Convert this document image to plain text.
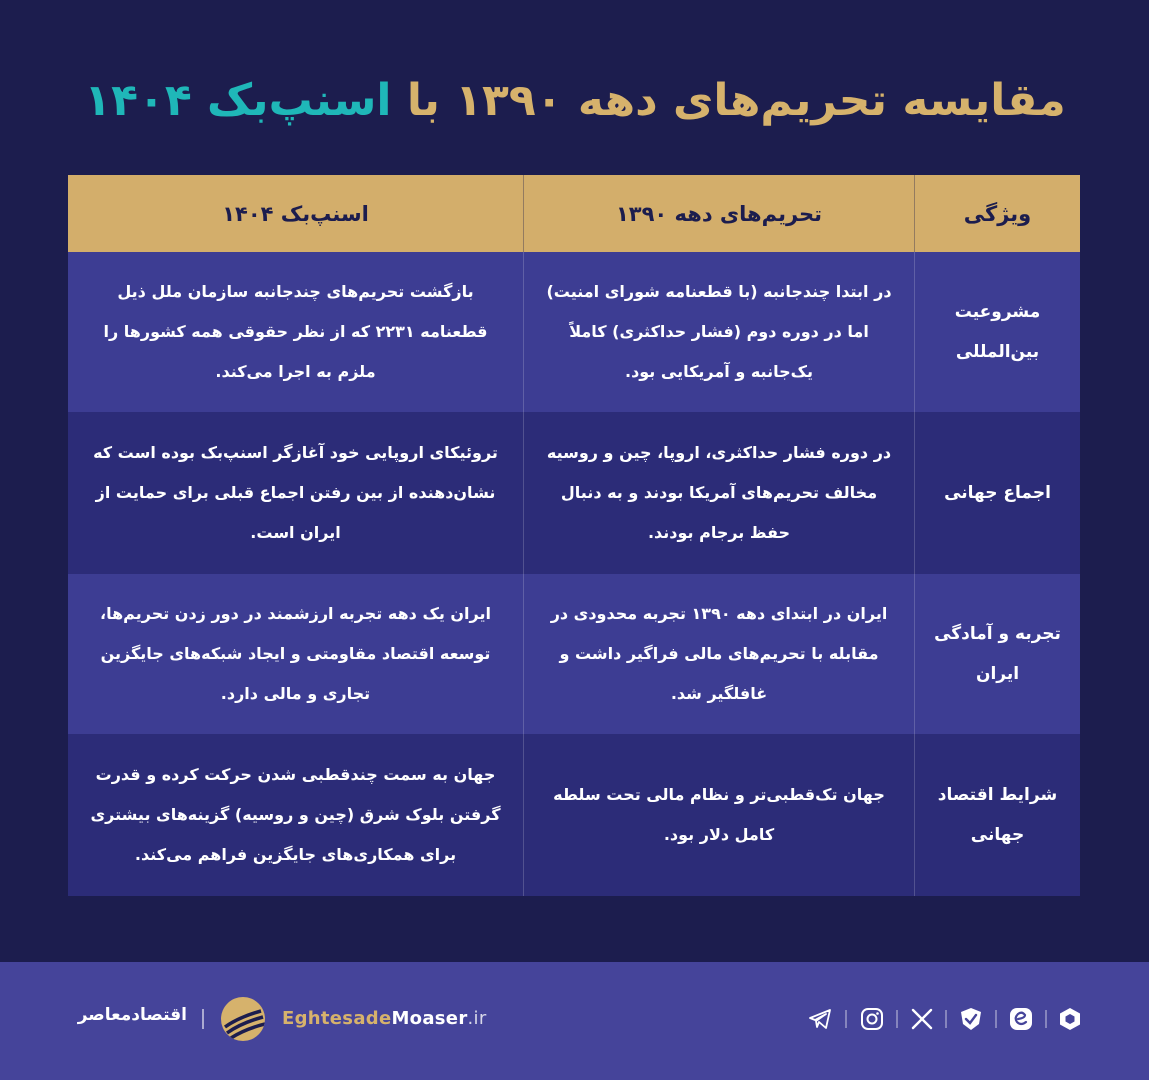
مقایسه تحریم‌های دهه ۱۳۹۰ با اسنپ‌بک ۱۴۰۴
ویژگی
تحریم‌های دهه ۱۳۹۰
اسنپ‌بک ۱۴۰۴
مشروعیت بین‌المللی
در ابتدا چندجانبه (با قطعنامه شورای امنیت) اما در دوره دوم (فشار حداکثری) کاملاً یک‌جانبه و آمریکایی بود.
بازگشت تحریم‌های چندجانبه سازمان ملل ذیل قطعنامه ۲۲۳۱ که از نظر حقوقی همه کشورها را ملزم به اجرا می‌کند.
اجماع جهانی
در دوره فشار حداکثری، اروپا، چین و روسیه مخالف تحریم‌های آمریکا بودند و به دنبال حفظ برجام بودند.
تروئیکای اروپایی خود آغازگر اسنپ‌بک بوده است که نشان‌دهنده از بین رفتن اجماع قبلی برای حمایت از ایران است.
تجربه و آمادگی ایران
ایران در ابتدای دهه ۱۳۹۰ تجربه محدودی در مقابله با تحریم‌های مالی فراگیر داشت و غافلگیر شد.
ایران یک دهه تجربه ارزشمند در دور زدن تحریم‌ها، توسعه اقتصاد مقاومتی و ایجاد شبکه‌های جایگزین تجاری و مالی دارد.
شرایط اقتصاد جهانی
جهان تک‌قطبی‌تر و نظام مالی تحت سلطه کامل دلار بود.
جهان به سمت چندقطبی شدن حرکت کرده و قدرت گرفتن بلوک شرق (چین و روسیه) گزینه‌های بیشتری برای همکاری‌های جایگزین فراهم می‌کند.
اقتصادمعاصر	EghtesadeMoaser.ir
